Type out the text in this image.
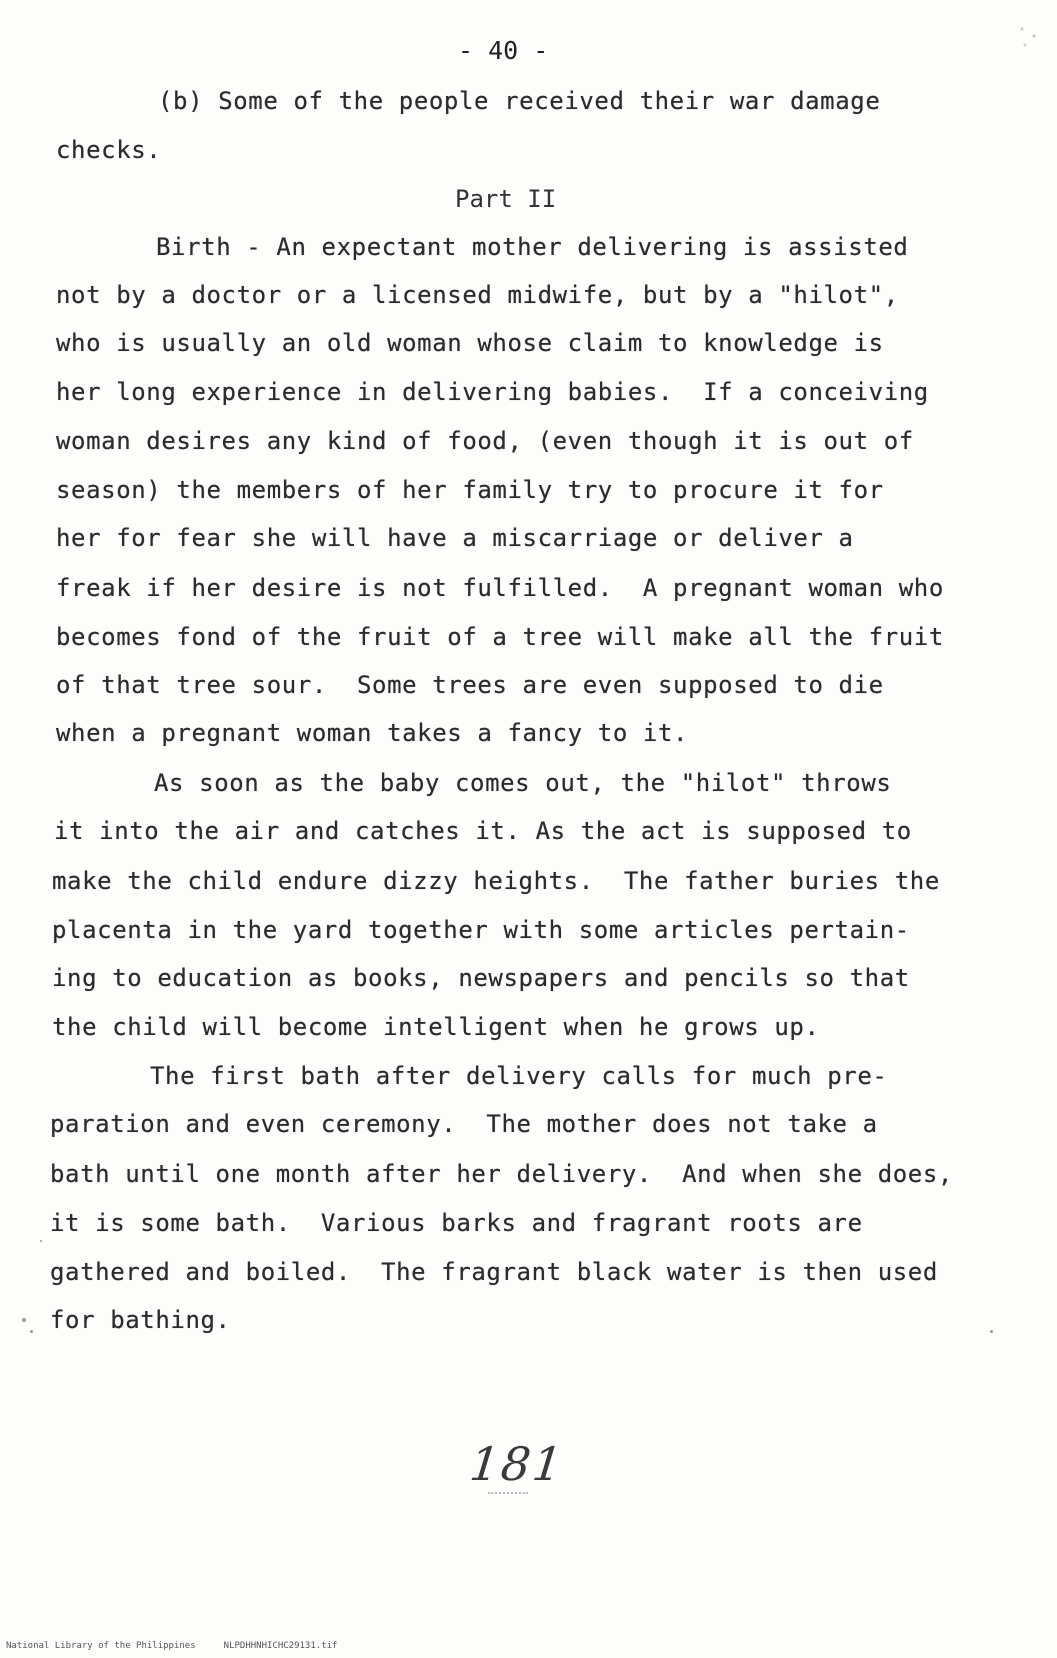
- 40 -
(b) Some of the people received their war damage
checks.
Part II
Birth - An expectant mother delivering is assisted
not by a doctor or a licensed midwife, but by a "hilot",
who is usually an old woman whose claim to knowledge is
her long experience in delivering babies.  If a conceiving
woman desires any kind of food, (even though it is out of
season) the members of her family try to procure it for
her for fear she will have a miscarriage or deliver a
freak if her desire is not fulfilled.  A pregnant woman who
becomes fond of the fruit of a tree will make all the fruit
of that tree sour.  Some trees are even supposed to die
when a pregnant woman takes a fancy to it.
As soon as the baby comes out, the "hilot" throws
it into the air and catches it. As the act is supposed to
make the child endure dizzy heights.  The father buries the
placenta in the yard together with some articles pertain-
ing to education as books, newspapers and pencils so that
the child will become intelligent when he grows up.
The first bath after delivery calls for much pre-
paration and even ceremony.  The mother does not take a
bath until one month after her delivery.  And when she does,
it is some bath.  Various barks and fragrant roots are
gathered and boiled.  The fragrant black water is then used
for bathing.
181
National Library of the Philippines	NLPDHHNHICHC29131.tif
